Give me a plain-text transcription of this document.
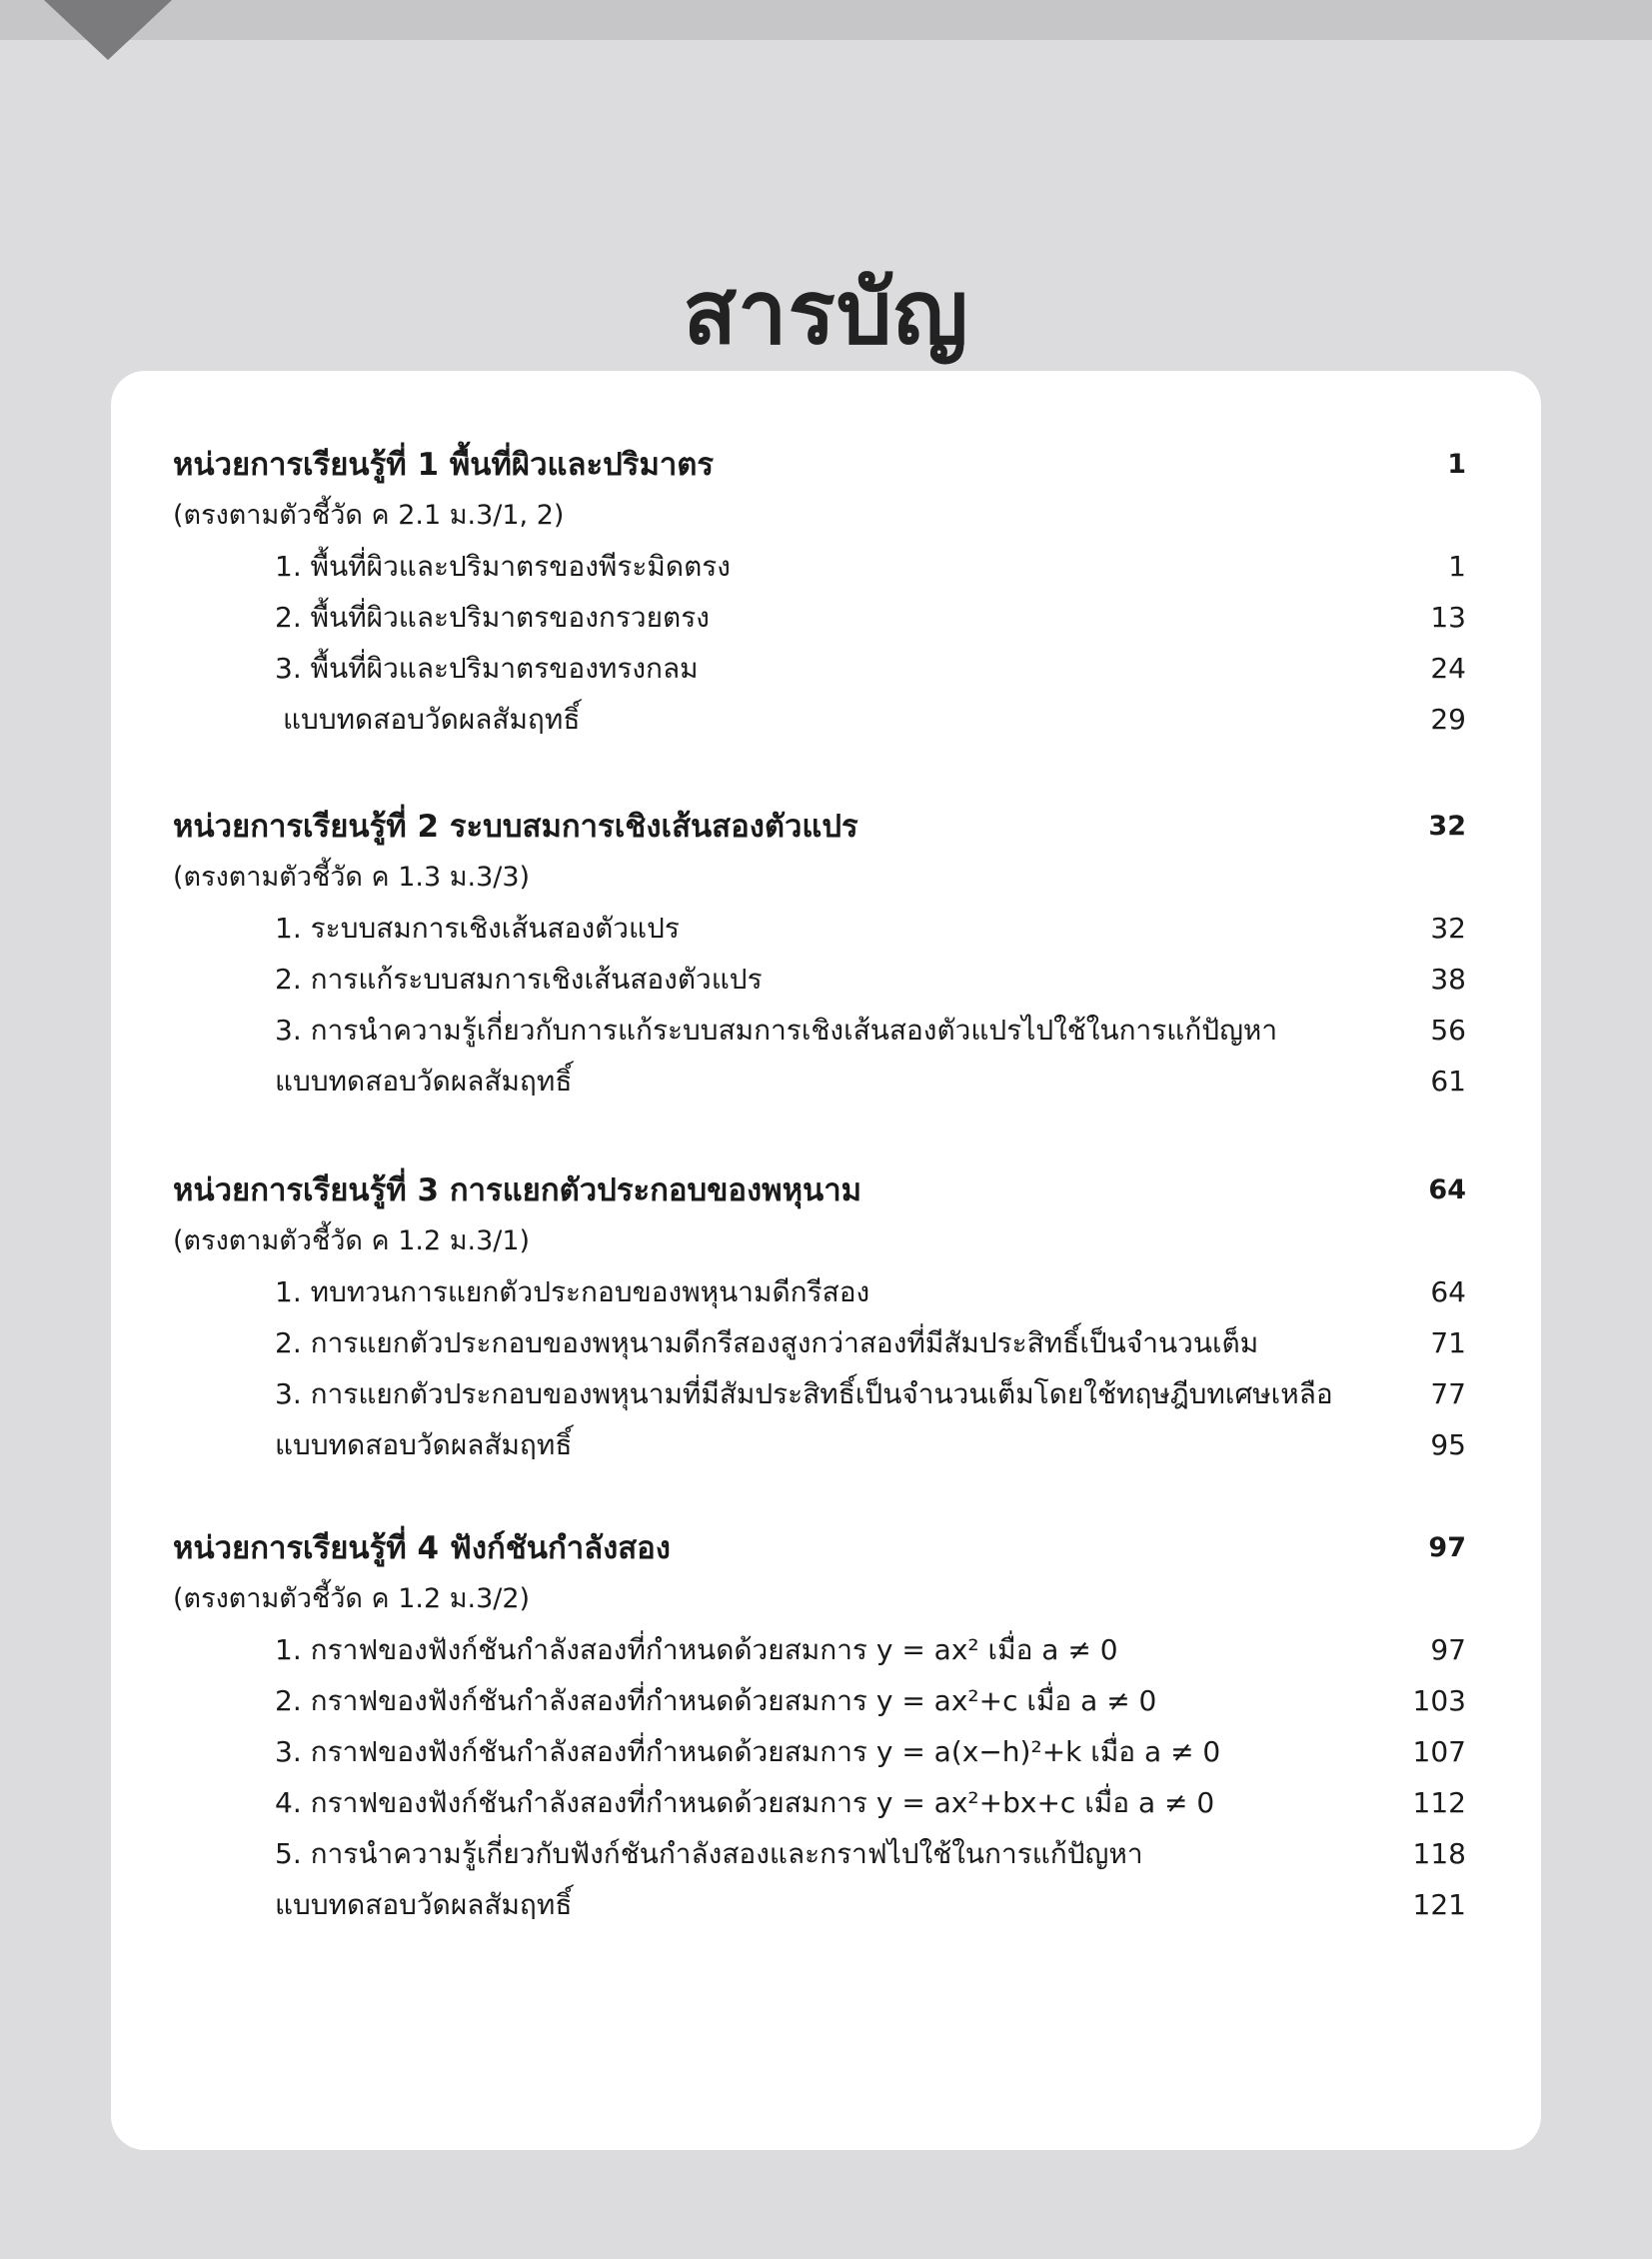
สารบัญ
หน่วยการเรียนรู้ที่ 1 พื้นที่ผิวและปริมาตร	1
(ตรงตามตัวชี้วัด ค 2.1 ม.3/1, 2)
1. พื้นที่ผิวและปริมาตรของพีระมิดตรง	1
2. พื้นที่ผิวและปริมาตรของกรวยตรง	13
3. พื้นที่ผิวและปริมาตรของทรงกลม	24
แบบทดสอบวัดผลสัมฤทธิ์	29
หน่วยการเรียนรู้ที่ 2 ระบบสมการเชิงเส้นสองตัวแปร	32
(ตรงตามตัวชี้วัด ค 1.3 ม.3/3)
1. ระบบสมการเชิงเส้นสองตัวแปร	32
2. การแก้ระบบสมการเชิงเส้นสองตัวแปร	38
3. การนำความรู้เกี่ยวกับการแก้ระบบสมการเชิงเส้นสองตัวแปรไปใช้ในการแก้ปัญหา	56
แบบทดสอบวัดผลสัมฤทธิ์	61
หน่วยการเรียนรู้ที่ 3 การแยกตัวประกอบของพหุนาม	64
(ตรงตามตัวชี้วัด ค 1.2 ม.3/1)
1. ทบทวนการแยกตัวประกอบของพหุนามดีกรีสอง	64
2. การแยกตัวประกอบของพหุนามดีกรีสองสูงกว่าสองที่มีสัมประสิทธิ์เป็นจำนวนเต็ม	71
3. การแยกตัวประกอบของพหุนามที่มีสัมประสิทธิ์เป็นจำนวนเต็มโดยใช้ทฤษฎีบทเศษเหลือ	77
แบบทดสอบวัดผลสัมฤทธิ์	95
หน่วยการเรียนรู้ที่ 4 ฟังก์ชันกำลังสอง	97
(ตรงตามตัวชี้วัด ค 1.2 ม.3/2)
1. กราฟของฟังก์ชันกำลังสองที่กำหนดด้วยสมการ y = ax² เมื่อ a ≠ 0	97
2. กราฟของฟังก์ชันกำลังสองที่กำหนดด้วยสมการ y = ax²+c เมื่อ a ≠ 0	103
3. กราฟของฟังก์ชันกำลังสองที่กำหนดด้วยสมการ y = a(x−h)²+k เมื่อ a ≠ 0	107
4. กราฟของฟังก์ชันกำลังสองที่กำหนดด้วยสมการ y = ax²+bx+c เมื่อ a ≠ 0	112
5. การนำความรู้เกี่ยวกับฟังก์ชันกำลังสองและกราฟไปใช้ในการแก้ปัญหา	118
แบบทดสอบวัดผลสัมฤทธิ์	121
